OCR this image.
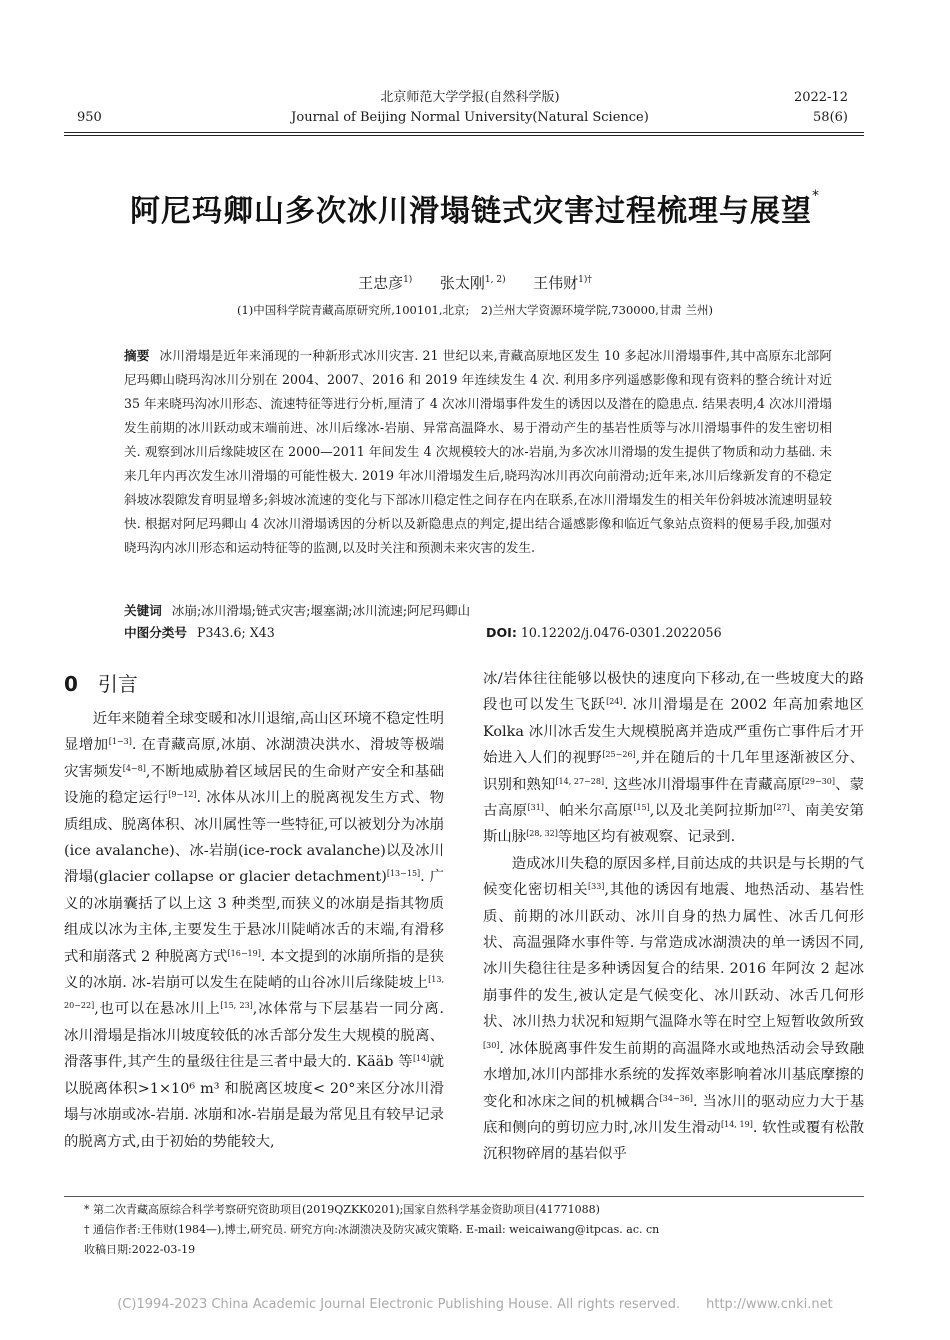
北京师范大学学报(自然科学版)
Journal of Beijing Normal University(Natural Science)
950
2022-12
58(6)
阿尼玛卿山多次冰川滑塌链式灾害过程梳理与展望*
王忠彦$^{1)}$ 张太刚$^{1, 2)}$ 王伟财$^{1)\dagger}$
(1)中国科学院青藏高原研究所,100101,北京;　2)兰州大学资源环境学院,730000,甘肃 兰州)
摘要 冰川滑塌是近年来涌现的一种新形式冰川灾害. 21 世纪以来,青藏高原地区发生 10 多起冰川滑塌事件,其中高原东北部阿尼玛卿山晓玛沟冰川分别在 2004、2007、2016 和 2019 年连续发生 4 次. 利用多序列遥感影像和现有资料的整合统计对近 35 年来晓玛沟冰川形态、流速特征等进行分析,厘清了 4 次冰川滑塌事件发生的诱因以及潜在的隐患点. 结果表明,4 次冰川滑塌发生前期的冰川跃动或末端前进、冰川后缘冰-岩崩、异常高温降水、易于滑动产生的基岩性质等与冰川滑塌事件的发生密切相关. 观察到冰川后缘陡坡区在 2000—2011 年间发生 4 次规模较大的冰-岩崩,为多次冰川滑塌的发生提供了物质和动力基础. 未来几年内再次发生冰川滑塌的可能性极大. 2019 年冰川滑塌发生后,晓玛沟冰川再次向前滑动;近年来,冰川后缘新发育的不稳定斜坡冰裂隙发育明显增多;斜坡冰流速的变化与下部冰川稳定性之间存在内在联系,在冰川滑塌发生的相关年份斜坡冰流速明显较快. 根据对阿尼玛卿山 4 次冰川滑塌诱因的分析以及新隐患点的判定,提出结合遥感影像和临近气象站点资料的便易手段,加强对晓玛沟内冰川形态和运动特征等的监测,以及时关注和预测未来灾害的发生.
关键词 冰崩;冰川滑塌;链式灾害;堰塞湖;冰川流速;阿尼玛卿山
中图分类号 P343.6; X43	DOI: 10.12202/j.0476-0301.2022056
0 引言

近年来随着全球变暖和冰川退缩,高山区环境不稳定性明显增加[1−3]. 在青藏高原,冰崩、冰湖溃决洪水、滑坡等极端灾害频发[4−8],不断地威胁着区域居民的生命财产安全和基础设施的稳定运行[9−12]. 冰体从冰川上的脱离视发生方式、物质组成、脱离体积、冰川属性等一些特征,可以被划分为冰崩(ice avalanche)、冰-岩崩(ice-rock avalanche)以及冰川滑塌(glacier collapse or glacier detachment)[13−15]. 广义的冰崩囊括了以上这 3 种类型,而狭义的冰崩是指其物质组成以冰为主体,主要发生于悬冰川陡峭冰舌的末端,有滑移式和崩落式 2 种脱离方式[16−19]. 本文提到的冰崩所指的是狭义的冰崩. 冰-岩崩可以发生在陡峭的山谷冰川后缘陡坡上[13, 20−22],也可以在悬冰川上[15, 23],冰体常与下层基岩一同分离. 冰川滑塌是指冰川坡度较低的冰舌部分发生大规模的脱离、滑落事件,其产生的量级往往是三者中最大的. Kääb 等[14]就以脱离体积>1×10⁶ m³ 和脱离区坡度< 20°来区分冰川滑塌与冰崩或冰-岩崩. 冰崩和冰-岩崩是最为常见且有较早记录的脱离方式,由于初始的势能较大,

冰/岩体往往能够以极快的速度向下移动,在一些坡度大的路段也可以发生飞跃[24]. 冰川滑塌是在 2002 年高加索地区 Kolka 冰川冰舌发生大规模脱离并造成严重伤亡事件后才开始进入人们的视野[25−26],并在随后的十几年里逐渐被区分、识别和熟知[14, 27−28]. 这些冰川滑塌事件在青藏高原[29−30]、蒙古高原[31]、帕米尔高原[15],以及北美阿拉斯加[27]、南美安第斯山脉[28, 32]等地区均有被观察、记录到.

造成冰川失稳的原因多样,目前达成的共识是与长期的气候变化密切相关[33],其他的诱因有地震、地热活动、基岩性质、前期的冰川跃动、冰川自身的热力属性、冰舌几何形状、高温强降水事件等. 与常造成冰湖溃决的单一诱因不同,冰川失稳往往是多种诱因复合的结果. 2016 年阿汝 2 起冰崩事件的发生,被认定是气候变化、冰川跃动、冰舌几何形状、冰川热力状况和短期气温降水等在时空上短暂收敛所致[30]. 冰体脱离事件发生前期的高温降水或地热活动会导致融水增加,冰川内部排水系统的发挥效率影响着冰川基底摩擦的变化和冰床之间的机械耦合[34−36]. 当冰川的驱动应力大于基底和侧向的剪切应力时,冰川发生滑动[14, 19]. 软性或覆有松散沉积物碎屑的基岩似乎

* 第二次青藏高原综合科学考察研究资助项目(2019QZKK0201);国家自然科学基金资助项目(41771088)
† 通信作者:王伟财(1984—),博士,研究员. 研究方向:冰湖溃决及防灾减灾策略. E-mail: weicaiwang@itpcas. ac. cn
收稿日期:2022-03-19
(C)1994-2023 China Academic Journal Electronic Publishing House. All rights reserved.　　http://www.cnki.net
